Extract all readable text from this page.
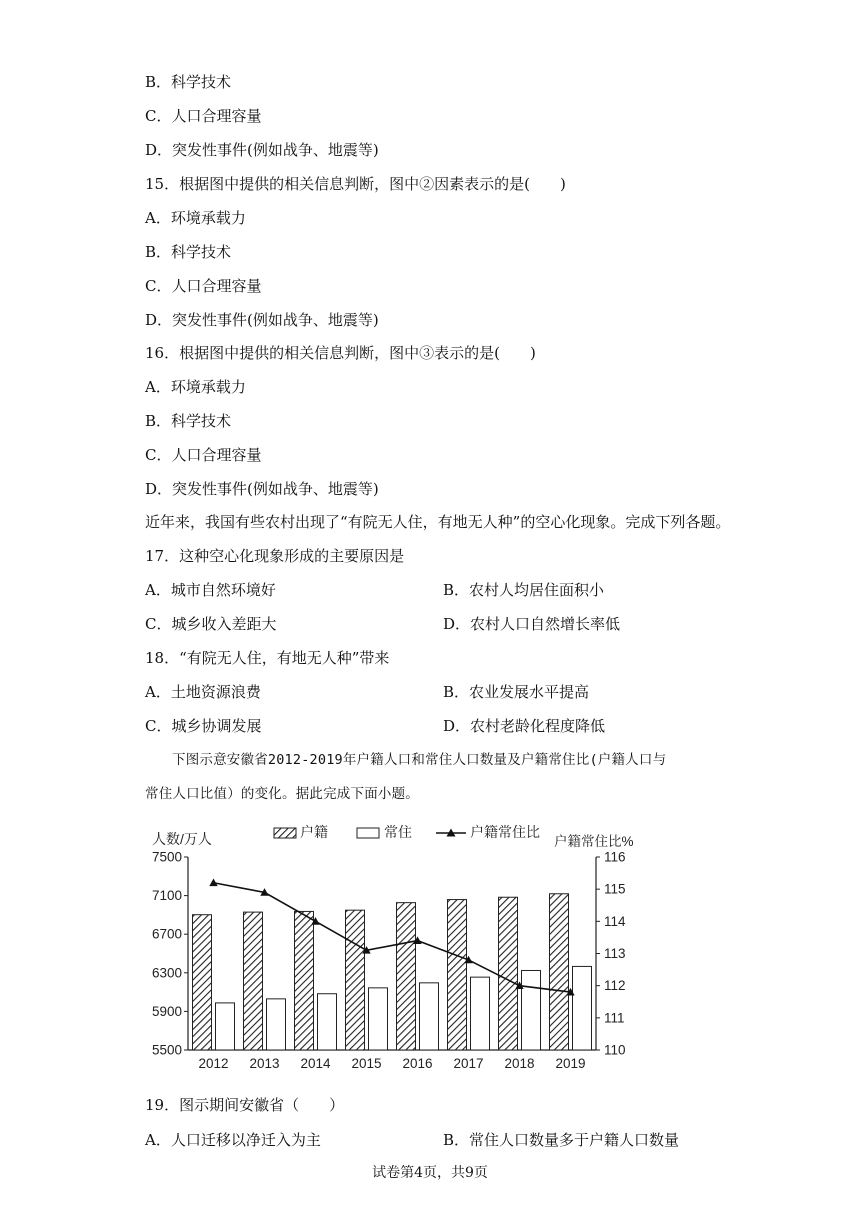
B．科学技术
C．人口合理容量
D．突发性事件(例如战争、地震等)
15．根据图中提供的相关信息判断，图中②因素表示的是(　　)
A．环境承载力
B．科学技术
C．人口合理容量
D．突发性事件(例如战争、地震等)
16．根据图中提供的相关信息判断，图中③表示的是(　　)
A．环境承载力
B．科学技术
C．人口合理容量
D．突发性事件(例如战争、地震等)
近年来，我国有些农村出现了“有院无人住，有地无人种”的空心化现象。完成下列各题。
17．这种空心化现象形成的主要原因是
A．城市自然环境好	B．农村人均居住面积小
C．城乡收入差距大	D．农村人口自然增长率低
18．“有院无人住，有地无人种”带来
A．土地资源浪费	B．农业发展水平提高
C．城乡协调发展	D．农村老龄化程度降低
下图示意安徽省2012-2019年户籍人口和常住人口数量及户籍常住比(户籍人口与
常住人口比值）的变化。据此完成下面小题。
5500
5900
6300
6700
7100
7500
110
111
112
113
114
115
116
人数/万人	户籍常住比%
2012 2013 2014 2015 2016 2017 2018 2019
户籍	常住	户籍常住比
19．图示期间安徽省（　　）
A．人口迁移以净迁入为主	B．常住人口数量多于户籍人口数量
试卷第4页，共9页
